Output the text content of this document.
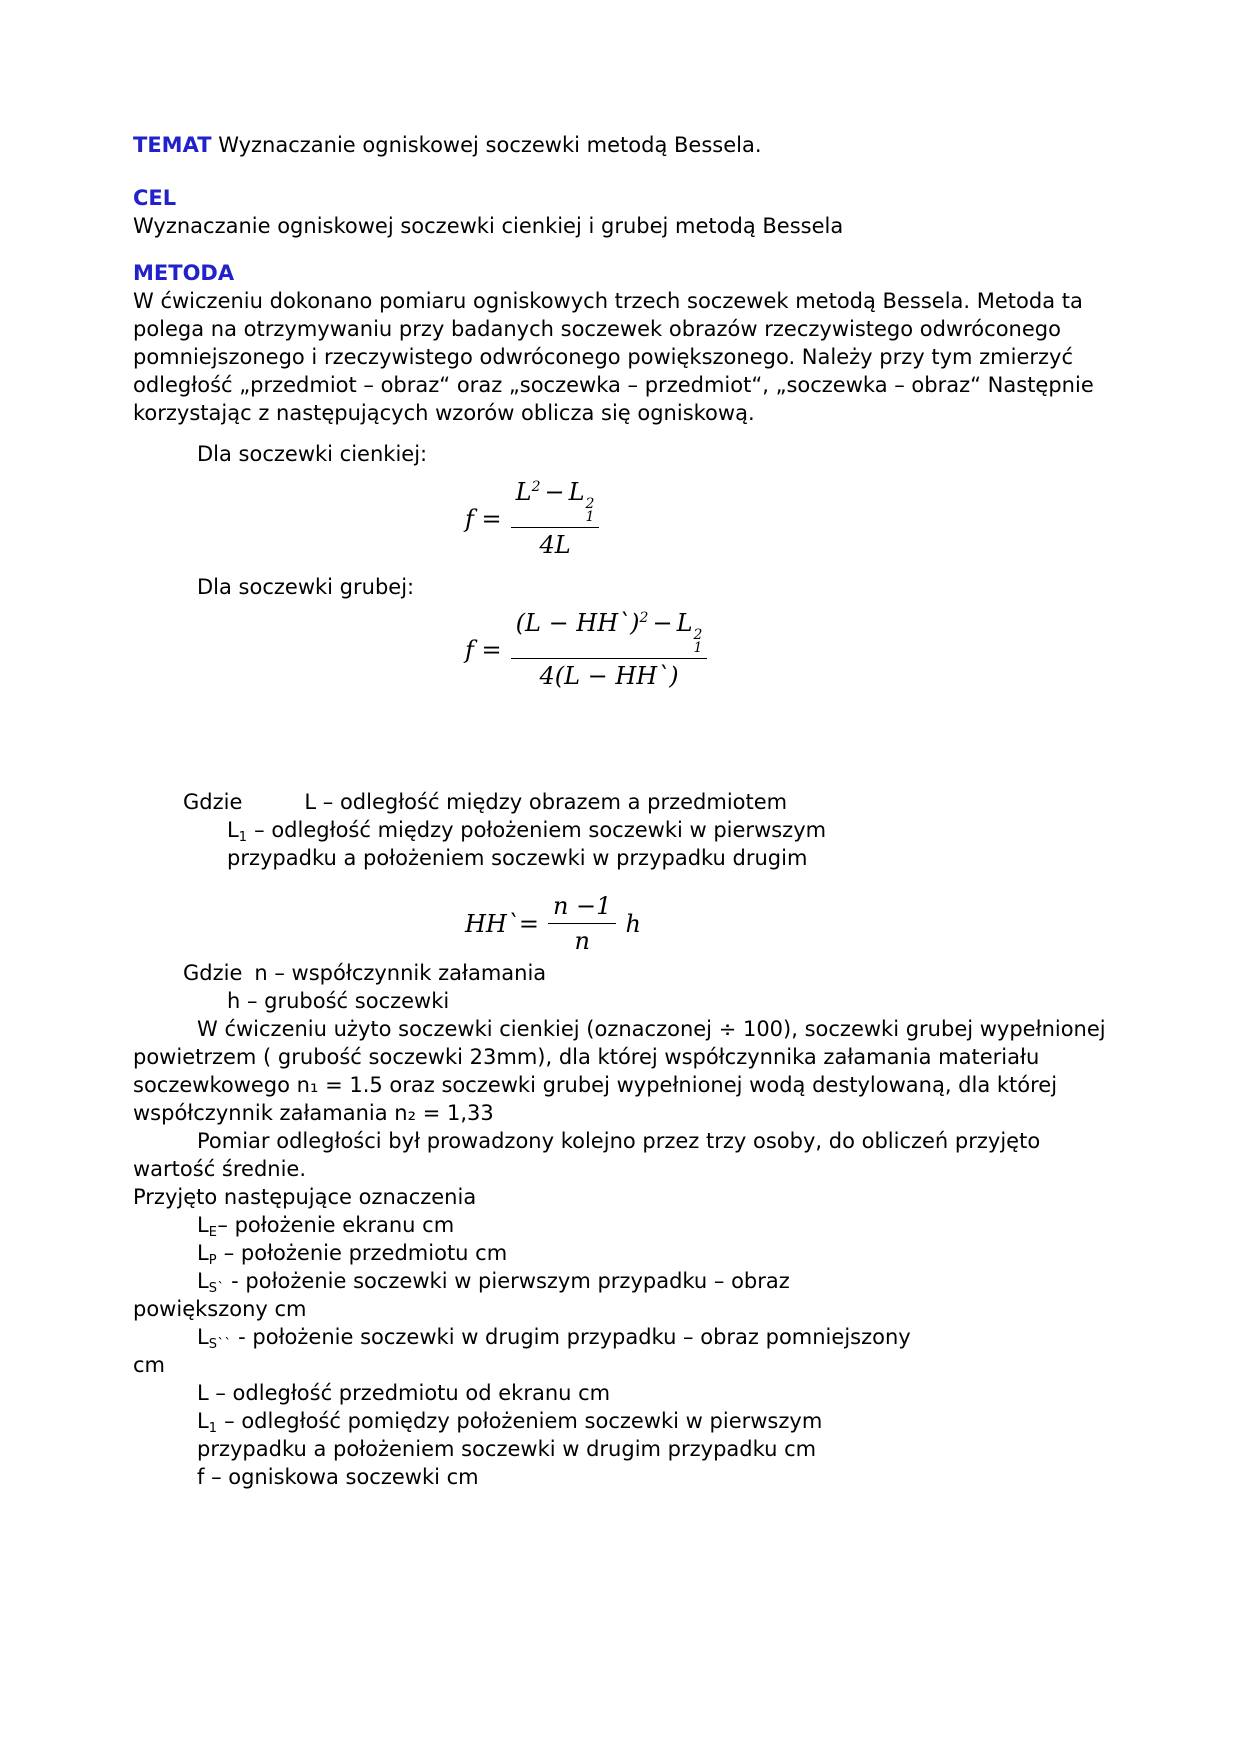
TEMAT Wyznaczanie ogniskowej soczewki metodą Bessela.
CEL
Wyznaczanie ogniskowej soczewki cienkiej i grubej metodą Bessela
METODA
W ćwiczeniu dokonano pomiaru ogniskowych trzech soczewek metodą Bessela. Metoda ta polega na otrzymywaniu przy badanych soczewek obrazów rzeczywistego odwróconego pomniejszonego i rzeczywistego odwróconego powiększonego. Należy przy tym zmierzyć odległość „przedmiot – obraz“ oraz „soczewka – przedmiot“, „soczewka – obraz“ Następnie korzystając z następujących wzorów oblicza się ogniskową.
Dla soczewki cienkiej:
$f = L^2 - L$ 2
1
4L
Dla soczewki grubej:
f = (L − HH`)$^2$ − L 2
1
4(L − HH`)
Gdzie	L – odległość między obrazem a przedmiotem
$L_1$ – odległość między położeniem soczewki w pierwszym
przypadku a położeniem soczewki w przypadku drugim
HH`= $\frac{n -1}{n}$ h
Gdzie n – współczynnik załamania
h – grubość soczewki
W ćwiczeniu użyto soczewki cienkiej (oznaczonej ÷ 100), soczewki grubej wypełnionej powietrzem ( grubość soczewki 23mm), dla której współczynnika załamania materiału soczewkowego n₁ = 1.5 oraz soczewki grubej wypełnionej wodą destylowaną, dla której współczynnik załamania n₂ = 1,33
Pomiar odległości był prowadzony kolejno przez trzy osoby, do obliczeń przyjęto wartość średnie.
Przyjęto następujące oznaczenia
$L_E-$ położenie ekranu cm
$L_P$ – położenie przedmiotu cm
$L_{S`}$ - położenie soczewki w pierwszym przypadku – obraz
powiększony cm
$L_{S``}$ - położenie soczewki w drugim przypadku – obraz pomniejszony
cm
L – odległość przedmiotu od ekranu cm
$L_1$ – odległość pomiędzy położeniem soczewki w pierwszym
przypadku a położeniem soczewki w drugim przypadku cm
f – ogniskowa soczewki cm
